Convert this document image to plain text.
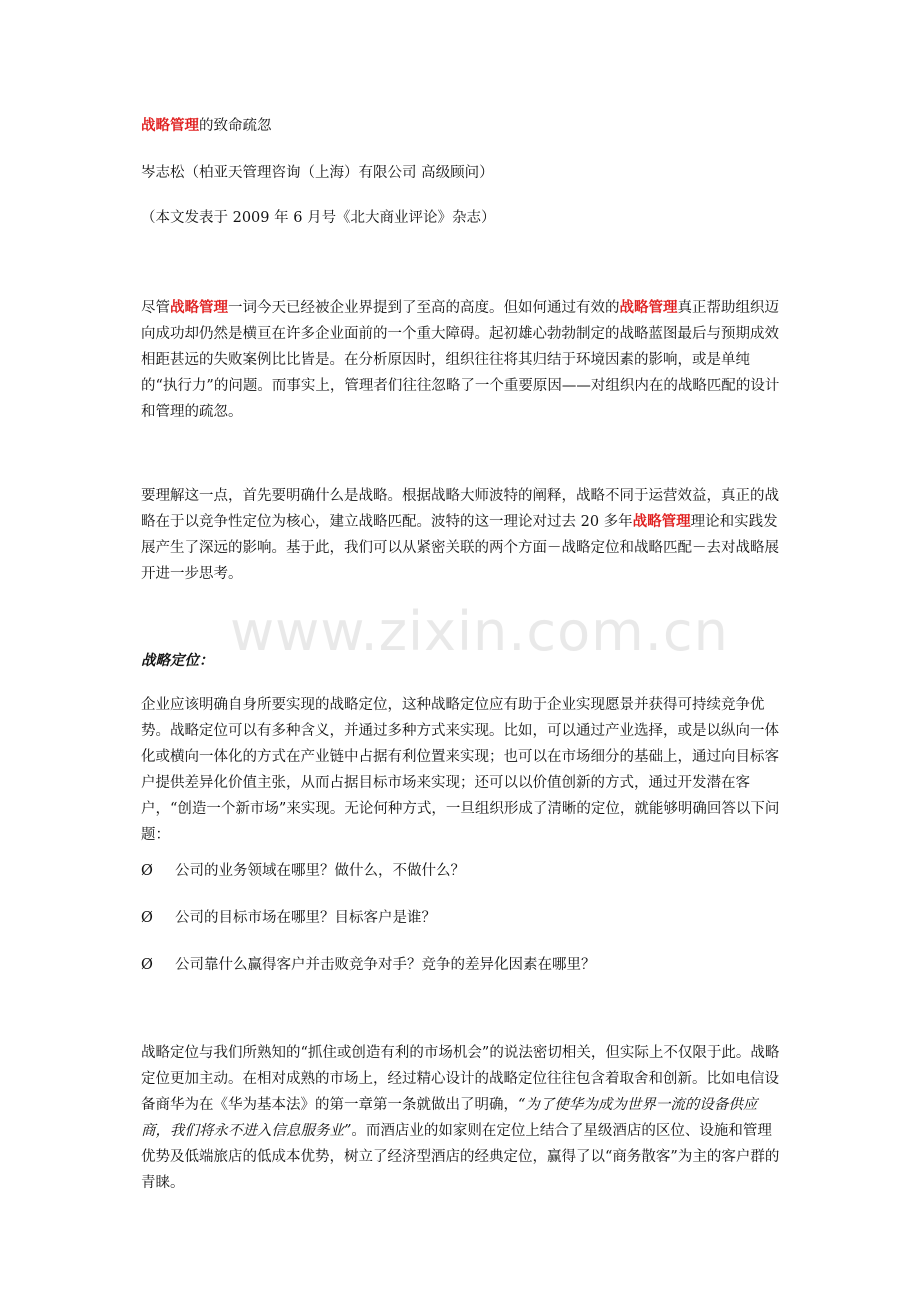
www.zixin.com.cn

战略管理的致命疏忽

岑志松（柏亚天管理咨询（上海）有限公司 高级顾问）

（本文发表于 2009 年 6 月号《北大商业评论》杂志）

尽管战略管理一词今天已经被企业界提到了至高的高度。但如何通过有效的战略管理真正帮助组织迈向成功却仍然是横亘在许多企业面前的一个重大障碍。起初雄心勃勃制定的战略蓝图最后与预期成效相距甚远的失败案例比比皆是。在分析原因时，组织往往将其归结于环境因素的影响，或是单纯的“执行力”的问题。而事实上，管理者们往往忽略了一个重要原因——对组织内在的战略匹配的设计和管理的疏忽。

要理解这一点，首先要明确什么是战略。根据战略大师波特的阐释，战略不同于运营效益，真正的战略在于以竞争性定位为核心，建立战略匹配。波特的这一理论对过去 20 多年战略管理理论和实践发展产生了深远的影响。基于此，我们可以从紧密关联的两个方面－战略定位和战略匹配－去对战略展开进一步思考。

战略定位：

企业应该明确自身所要实现的战略定位，这种战略定位应有助于企业实现愿景并获得可持续竞争优势。战略定位可以有多种含义，并通过多种方式来实现。比如，可以通过产业选择，或是以纵向一体化或横向一体化的方式在产业链中占据有利位置来实现；也可以在市场细分的基础上，通过向目标客户提供差异化价值主张，从而占据目标市场来实现；还可以以价值创新的方式，通过开发潜在客户，“创造一个新市场”来实现。无论何种方式，一旦组织形成了清晰的定位，就能够明确回答以下问题：

Ø 公司的业务领域在哪里？做什么，不做什么？
Ø 公司的目标市场在哪里？目标客户是谁？
Ø 公司靠什么赢得客户并击败竞争对手？竞争的差异化因素在哪里？

战略定位与我们所熟知的“抓住或创造有利的市场机会”的说法密切相关，但实际上不仅限于此。战略定位更加主动。在相对成熟的市场上，经过精心设计的战略定位往往包含着取舍和创新。比如电信设备商华为在《华为基本法》的第一章第一条就做出了明确，“为了使华为成为世界一流的设备供应商，我们将永不进入信息服务业”。而酒店业的如家则在定位上结合了星级酒店的区位、设施和管理优势及低端旅店的低成本优势，树立了经济型酒店的经典定位，赢得了以“商务散客”为主的客户群的青睐。
